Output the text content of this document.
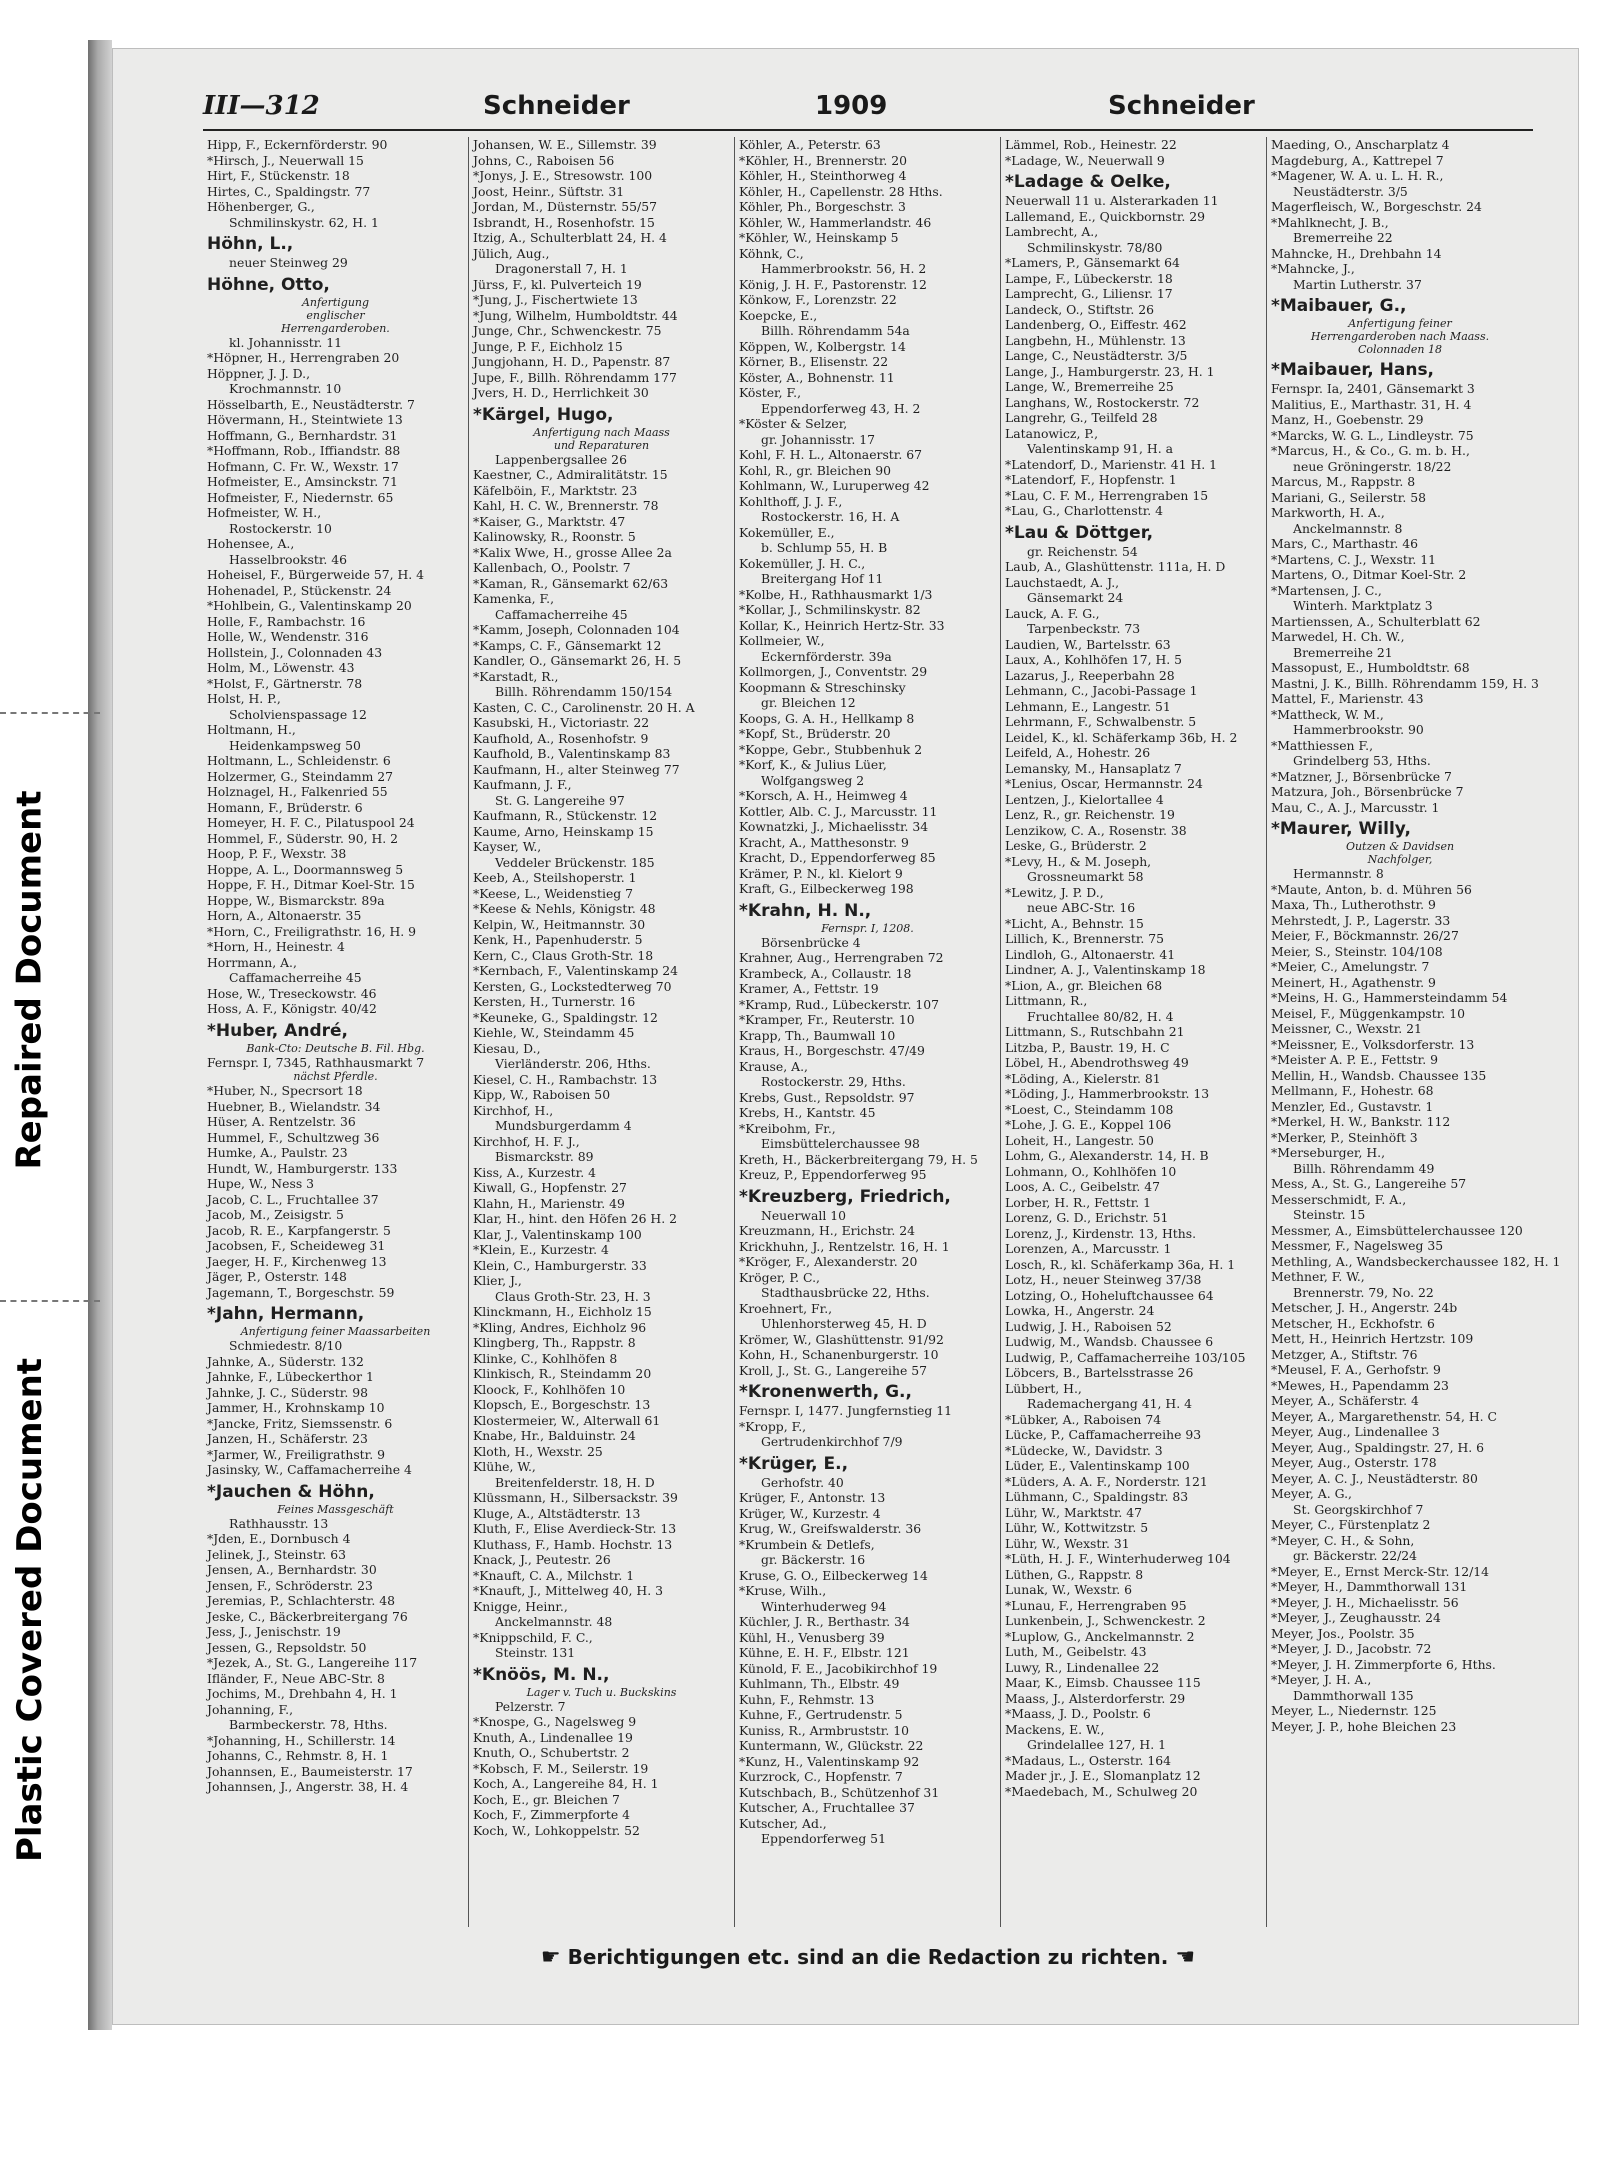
Repaired Document
Plastic Covered Document
III—312	Schneider	1909	Schneider
Hipp, F., Eckernförderstr. 90
*Hirsch, J., Neuerwall 15
Hirt, F., Stückenstr. 18
Hirtes, C., Spaldingstr. 77
Höhenberger, G.,
Schmilinskystr. 62, H. 1
Höhn, L.,
neuer Steinweg 29
Höhne, Otto,
Anfertigung
englischer
Herrengarderoben.
kl. Johannisstr. 11
*Höpner, H., Herrengraben 20
Höppner, J. J. D.,
Krochmannstr. 10
Hösselbarth, E., Neustädterstr. 7
Hövermann, H., Steintwiete 13
Hoffmann, G., Bernhardstr. 31
*Hoffmann, Rob., Iffiandstr. 88
Hofmann, C. Fr. W., Wexstr. 17
Hofmeister, E., Amsinckstr. 71
Hofmeister, F., Niedernstr. 65
Hofmeister, W. H.,
Rostockerstr. 10
Hohensee, A.,
Hasselbrookstr. 46
Hoheisel, F., Bürgerweide 57, H. 4
Hohenadel, P., Stückenstr. 24
*Hohlbein, G., Valentinskamp 20
Holle, F., Rambachstr. 16
Holle, W., Wendenstr. 316
Hollstein, J., Colonnaden 43
Holm, M., Löwenstr. 43
*Holst, F., Gärtnerstr. 78
Holst, H. P.,
Scholvienspassage 12
Holtmann, H.,
Heidenkampsweg 50
Holtmann, L., Schleidenstr. 6
Holzermer, G., Steindamm 27
Holznagel, H., Falkenried 55
Homann, F., Brüderstr. 6
Homeyer, H. F. C., Pilatuspool 24
Hommel, F., Süderstr. 90, H. 2
Hoop, P. F., Wexstr. 38
Hoppe, A. L., Doormannsweg 5
Hoppe, F. H., Ditmar Koel-Str. 15
Hoppe, W., Bismarckstr. 89a
Horn, A., Altonaerstr. 35
*Horn, C., Freiligrathstr. 16, H. 9
*Horn, H., Heinestr. 4
Horrmann, A.,
Caffamacherreihe 45
Hose, W., Treseckowstr. 46
Hoss, A. F., Königstr. 40/42
*Huber, André,
Bank-Cto: Deutsche B. Fil. Hbg.
Fernspr. I, 7345, Rathhausmarkt 7
nächst Pferdle.
*Huber, N., Specrsort 18
Huebner, B., Wielandstr. 34
Hüser, A. Rentzelstr. 36
Hummel, F., Schultzweg 36
Humke, A., Paulstr. 23
Hundt, W., Hamburgerstr. 133
Hupe, W., Ness 3
Jacob, C. L., Fruchtallee 37
Jacob, M., Zeisigstr. 5
Jacob, R. E., Karpfangerstr. 5
Jacobsen, F., Scheideweg 31
Jaeger, H. F., Kirchenweg 13
Jäger, P., Osterstr. 148
Jagemann, T., Borgeschstr. 59
*Jahn, Hermann,
Anfertigung feiner Maassarbeiten
Schmiedestr. 8/10
Jahnke, A., Süderstr. 132
Jahnke, F., Lübeckerthor 1
Jahnke, J. C., Süderstr. 98
Jammer, H., Krohnskamp 10
*Jancke, Fritz, Siemssenstr. 6
Janzen, H., Schäferstr. 23
*Jarmer, W., Freiligrathstr. 9
Jasinsky, W., Caffamacherreihe 4
*Jauchen & Höhn,
Feines Massgeschäft
Rathhausstr. 13
*Jden, E., Dornbusch 4
Jelinek, J., Steinstr. 63
Jensen, A., Bernhardstr. 30
Jensen, F., Schröderstr. 23
Jeremias, P., Schlachterstr. 48
Jeske, C., Bäckerbreitergang 76
Jess, J., Jenischstr. 19
Jessen, G., Repsoldstr. 50
*Jezek, A., St. G., Langereihe 117
Ifländer, F., Neue ABC-Str. 8
Jochims, M., Drehbahn 4, H. 1
Johanning, F.,
Barmbeckerstr. 78, Hths.
*Johanning, H., Schillerstr. 14
Johanns, C., Rehmstr. 8, H. 1
Johannsen, E., Baumeisterstr. 17
Johannsen, J., Angerstr. 38, H. 4
Johansen, W. E., Sillemstr. 39
Johns, C., Raboisen 56
*Jonys, J. E., Stresowstr. 100
Joost, Heinr., Süftstr. 31
Jordan, M., Düsternstr. 55/57
Isbrandt, H., Rosenhofstr. 15
Itzig, A., Schulterblatt 24, H. 4
Jülich, Aug.,
Dragonerstall 7, H. 1
Jürss, F., kl. Pulverteich 19
*Jung, J., Fischertwiete 13
*Jung, Wilhelm, Humboldtstr. 44
Junge, Chr., Schwenckestr. 75
Junge, P. F., Eichholz 15
Jungjohann, H. D., Papenstr. 87
Jupe, F., Billh. Röhrendamm 177
Jvers, H. D., Herrlichkeit 30
*Kärgel, Hugo,
Anfertigung nach Maass
und Reparaturen
Lappenbergsallee 26
Kaestner, C., Admiralitätstr. 15
Käfelböin, F., Marktstr. 23
Kahl, H. C. W., Brennerstr. 78
*Kaiser, G., Marktstr. 47
Kalinowsky, R., Roonstr. 5
*Kalix Wwe, H., grosse Allee 2a
Kallenbach, O., Poolstr. 7
*Kaman, R., Gänsemarkt 62/63
Kamenka, F.,
Caffamacherreihe 45
*Kamm, Joseph, Colonnaden 104
*Kamps, C. F., Gänsemarkt 12
Kandler, O., Gänsemarkt 26, H. 5
*Karstadt, R.,
Billh. Röhrendamm 150/154
Kasten, C. C., Carolinenstr. 20 H. A
Kasubski, H., Victoriastr. 22
Kaufhold, A., Rosenhofstr. 9
Kaufhold, B., Valentinskamp 83
Kaufmann, H., alter Steinweg 77
Kaufmann, J. F.,
St. G. Langereihe 97
Kaufmann, R., Stückenstr. 12
Kaume, Arno, Heinskamp 15
Kayser, W.,
Veddeler Brückenstr. 185
Keeb, A., Steilshoperstr. 1
*Keese, L., Weidenstieg 7
*Keese & Nehls, Königstr. 48
Kelpin, W., Heitmannstr. 30
Kenk, H., Papenhuderstr. 5
Kern, C., Claus Groth-Str. 18
*Kernbach, F., Valentinskamp 24
Kersten, G., Lockstedterweg 70
Kersten, H., Turnerstr. 16
*Keuneke, G., Spaldingstr. 12
Kiehle, W., Steindamm 45
Kiesau, D.,
Vierländerstr. 206, Hths.
Kiesel, C. H., Rambachstr. 13
Kipp, W., Raboisen 50
Kirchhof, H.,
Mundsburgerdamm 4
Kirchhof, H. F. J.,
Bismarckstr. 89
Kiss, A., Kurzestr. 4
Kiwall, G., Hopfenstr. 27
Klahn, H., Marienstr. 49
Klar, H., hint. den Höfen 26 H. 2
Klar, J., Valentinskamp 100
*Klein, E., Kurzestr. 4
Klein, C., Hamburgerstr. 33
Klier, J.,
Claus Groth-Str. 23, H. 3
Klinckmann, H., Eichholz 15
*Kling, Andres, Eichholz 96
Klingberg, Th., Rappstr. 8
Klinke, C., Kohlhöfen 8
Klinkisch, R., Steindamm 20
Kloock, F., Kohlhöfen 10
Klopsch, E., Borgeschstr. 13
Klostermeier, W., Alterwall 61
Knabe, Hr., Balduinstr. 24
Kloth, H., Wexstr. 25
Klühe, W.,
Breitenfelderstr. 18, H. D
Klüssmann, H., Silbersackstr. 39
Kluge, A., Altstädterstr. 13
Kluth, F., Elise Averdieck-Str. 13
Kluthass, F., Hamb. Hochstr. 13
Knack, J., Peutestr. 26
*Knauft, C. A., Milchstr. 1
*Knauft, J., Mittelweg 40, H. 3
Knigge, Heinr.,
Anckelmannstr. 48
*Knippschild, F. C.,
Steinstr. 131
*Knöös, M. N.,
Lager v. Tuch u. Buckskins
Pelzerstr. 7
*Knospe, G., Nagelsweg 9
Knuth, A., Lindenallee 19
Knuth, O., Schubertstr. 2
*Kobsch, F. M., Seilerstr. 19
Koch, A., Langereihe 84, H. 1
Koch, E., gr. Bleichen 7
Koch, F., Zimmerpforte 4
Koch, W., Lohkoppelstr. 52
Köhler, A., Peterstr. 63
*Köhler, H., Brennerstr. 20
Köhler, H., Steinthorweg 4
Köhler, H., Capellenstr. 28 Hths.
Köhler, Ph., Borgeschstr. 3
Köhler, W., Hammerlandstr. 46
*Köhler, W., Heinskamp 5
Köhnk, C.,
Hammerbrookstr. 56, H. 2
König, J. H. F., Pastorenstr. 12
Könkow, F., Lorenzstr. 22
Koepcke, E.,
Billh. Röhrendamm 54a
Köppen, W., Kolbergstr. 14
Körner, B., Elisenstr. 22
Köster, A., Bohnenstr. 11
Köster, F.,
Eppendorferweg 43, H. 2
*Köster & Selzer,
gr. Johannisstr. 17
Kohl, F. H. L., Altonaerstr. 67
Kohl, R., gr. Bleichen 90
Kohlmann, W., Luruperweg 42
Kohlthoff, J. J. F.,
Rostockerstr. 16, H. A
Kokemüller, E.,
b. Schlump 55, H. B
Kokemüller, J. H. C.,
Breitergang Hof 11
*Kolbe, H., Rathhausmarkt 1/3
*Kollar, J., Schmilinskystr. 82
Kollar, K., Heinrich Hertz-Str. 33
Kollmeier, W.,
Eckernförderstr. 39a
Kollmorgen, J., Conventstr. 29
Koopmann & Streschinsky
gr. Bleichen 12
Koops, G. A. H., Hellkamp 8
*Kopf, St., Brüderstr. 20
*Koppe, Gebr., Stubbenhuk 2
*Korf, K., & Julius Lüer,
Wolfgangsweg 2
*Korsch, A. H., Heimweg 4
Kottler, Alb. C. J., Marcusstr. 11
Kownatzki, J., Michaelisstr. 34
Kracht, A., Matthesonstr. 9
Kracht, D., Eppendorferweg 85
Krämer, P. N., kl. Kielort 9
Kraft, G., Eilbeckerweg 198
*Krahn, H. N.,
Fernspr. I, 1208.
Börsenbrücke 4
Krahner, Aug., Herrengraben 72
Krambeck, A., Collaustr. 18
Kramer, A., Fettstr. 19
*Kramp, Rud., Lübeckerstr. 107
*Kramper, Fr., Reuterstr. 10
Krapp, Th., Baumwall 10
Kraus, H., Borgeschstr. 47/49
Krause, A.,
Rostockerstr. 29, Hths.
Krebs, Gust., Repsoldstr. 97
Krebs, H., Kantstr. 45
*Kreibohm, Fr.,
Eimsbüttelerchaussee 98
Kreth, H., Bäckerbreitergang 79, H. 5
Kreuz, P., Eppendorferweg 95
*Kreuzberg, Friedrich,
Neuerwall 10
Kreuzmann, H., Erichstr. 24
Krickhuhn, J., Rentzelstr. 16, H. 1
*Kröger, F., Alexanderstr. 20
Kröger, P. C.,
Stadthausbrücke 22, Hths.
Kroehnert, Fr.,
Uhlenhorsterweg 45, H. D
Krömer, W., Glashüttenstr. 91/92
Kohn, H., Schanenburgerstr. 10
Kroll, J., St. G., Langereihe 57
*Kronenwerth, G.,
Fernspr. I, 1477. Jungfernstieg 11
*Kropp, F.,
Gertrudenkirchhof 7/9
*Krüger, E.,
Gerhofstr. 40
Krüger, F., Antonstr. 13
Krüger, W., Kurzestr. 4
Krug, W., Greifswalderstr. 36
*Krumbein & Detlefs,
gr. Bäckerstr. 16
Kruse, G. O., Eilbeckerweg 14
*Kruse, Wilh.,
Winterhuderweg 94
Küchler, J. R., Berthastr. 34
Kühl, H., Venusberg 39
Kühne, E. H. F., Elbstr. 121
Künold, F. E., Jacobikirchhof 19
Kuhlmann, Th., Elbstr. 49
Kuhn, F., Rehmstr. 13
Kuhne, F., Gertrudenstr. 5
Kuniss, R., Armbruststr. 10
Kuntermann, W., Glückstr. 22
*Kunz, H., Valentinskamp 92
Kurzrock, C., Hopfenstr. 7
Kutschbach, B., Schützenhof 31
Kutscher, A., Fruchtallee 37
Kutscher, Ad.,
Eppendorferweg 51
Lämmel, Rob., Heinestr. 22
*Ladage, W., Neuerwall 9
*Ladage & Oelke,
Neuerwall 11 u. Alsterarkaden 11
Lallemand, E., Quickbornstr. 29
Lambrecht, A.,
Schmilinskystr. 78/80
*Lamers, P., Gänsemarkt 64
Lampe, F., Lübeckerstr. 18
Lamprecht, G., Liliensr. 17
Landeck, O., Stiftstr. 26
Landenberg, O., Eiffestr. 462
Langbehn, H., Mühlenstr. 13
Lange, C., Neustädterstr. 3/5
Lange, J., Hamburgerstr. 23, H. 1
Lange, W., Bremerreihe 25
Langhans, W., Rostockerstr. 72
Langrehr, G., Teilfeld 28
Latanowicz, P.,
Valentinskamp 91, H. a
*Latendorf, D., Marienstr. 41 H. 1
*Latendorf, F., Hopfenstr. 1
*Lau, C. F. M., Herrengraben 15
*Lau, G., Charlottenstr. 4
*Lau & Döttger,
gr. Reichenstr. 54
Laub, A., Glashüttenstr. 111a, H. D
Lauchstaedt, A. J.,
Gänsemarkt 24
Lauck, A. F. G.,
Tarpenbeckstr. 73
Laudien, W., Bartelsstr. 63
Laux, A., Kohlhöfen 17, H. 5
Lazarus, J., Reeperbahn 28
Lehmann, C., Jacobi-Passage 1
Lehmann, E., Langestr. 51
Lehrmann, F., Schwalbenstr. 5
Leidel, K., kl. Schäferkamp 36b, H. 2
Leifeld, A., Hohestr. 26
Lemansky, M., Hansaplatz 7
*Lenius, Oscar, Hermannstr. 24
Lentzen, J., Kielortallee 4
Lenz, R., gr. Reichenstr. 19
Lenzikow, C. A., Rosenstr. 38
Leske, G., Brüderstr. 2
*Levy, H., & M. Joseph,
Grossneumarkt 58
*Lewitz, J. P. D.,
neue ABC-Str. 16
*Licht, A., Behnstr. 15
Lillich, K., Brennerstr. 75
Lindloh, G., Altonaerstr. 41
Lindner, A. J., Valentinskamp 18
*Lion, A., gr. Bleichen 68
Littmann, R.,
Fruchtallee 80/82, H. 4
Littmann, S., Rutschbahn 21
Litzba, P., Baustr. 19, H. C
Löbel, H., Abendrothsweg 49
*Löding, A., Kielerstr. 81
*Löding, J., Hammerbrookstr. 13
*Loest, C., Steindamm 108
*Lohe, J. G. E., Koppel 106
Loheit, H., Langestr. 50
Lohm, G., Alexanderstr. 14, H. B
Lohmann, O., Kohlhöfen 10
Loos, A. C., Geibelstr. 47
Lorber, H. R., Fettstr. 1
Lorenz, G. D., Erichstr. 51
Lorenz, J., Kirdenstr. 13, Hths.
Lorenzen, A., Marcusstr. 1
Losch, R., kl. Schäferkamp 36a, H. 1
Lotz, H., neuer Steinweg 37/38
Lotzing, O., Hoheluftchaussee 64
Lowka, H., Angerstr. 24
Ludwig, J. H., Raboisen 52
Ludwig, M., Wandsb. Chaussee 6
Ludwig, P., Caffamacherreihe 103/105
Löbcers, B., Bartelsstrasse 26
Lübbert, H.,
Rademachergang 41, H. 4
*Lübker, A., Raboisen 74
Lücke, P., Caffamacherreihe 93
*Lüdecke, W., Davidstr. 3
Lüder, E., Valentinskamp 100
*Lüders, A. A. F., Norderstr. 121
Lühmann, C., Spaldingstr. 83
Lühr, W., Marktstr. 47
Lühr, W., Kottwitzstr. 5
Lühr, W., Wexstr. 31
*Lüth, H. J. F., Winterhuderweg 104
Lüthen, G., Rappstr. 8
Lunak, W., Wexstr. 6
*Lunau, F., Herrengraben 95
Lunkenbein, J., Schwenckestr. 2
*Luplow, G., Anckelmannstr. 2
Luth, M., Geibelstr. 43
Luwy, R., Lindenallee 22
Maar, K., Eimsb. Chaussee 115
Maass, J., Alsterdorferstr. 29
*Maass, J. D., Poolstr. 6
Mackens, E. W.,
Grindelallee 127, H. 1
*Madaus, L., Osterstr. 164
Mader jr., J. E., Slomanplatz 12
*Maedebach, M., Schulweg 20
Maeding, O., Anscharplatz 4
Magdeburg, A., Kattrepel 7
*Magener, W. A. u. L. H. R.,
Neustädterstr. 3/5
Magerfleisch, W., Borgeschstr. 24
*Mahlknecht, J. B.,
Bremerreihe 22
Mahncke, H., Drehbahn 14
*Mahncke, J.,
Martin Lutherstr. 37
*Maibauer, G.,
Anfertigung feiner
Herrengarderoben nach Maass.
Colonnaden 18
*Maibauer, Hans,
Fernspr. Ia, 2401, Gänsemarkt 3
Malitius, E., Marthastr. 31, H. 4
Manz, H., Goebenstr. 29
*Marcks, W. G. L., Lindleystr. 75
*Marcus, H., & Co., G. m. b. H.,
neue Gröningerstr. 18/22
Marcus, M., Rappstr. 8
Mariani, G., Seilerstr. 58
Markworth, H. A.,
Anckelmannstr. 8
Mars, C., Marthastr. 46
*Martens, C. J., Wexstr. 11
Martens, O., Ditmar Koel-Str. 2
*Martensen, J. C.,
Winterh. Marktplatz 3
Martienssen, A., Schulterblatt 62
Marwedel, H. Ch. W.,
Bremerreihe 21
Massopust, E., Humboldtstr. 68
Mastni, J. K., Billh. Röhrendamm 159, H. 3
Mattel, F., Marienstr. 43
*Mattheck, W. M.,
Hammerbrookstr. 90
*Matthiessen F.,
Grindelberg 53, Hths.
*Matzner, J., Börsenbrücke 7
Matzura, Joh., Börsenbrücke 7
Mau, C., A. J., Marcusstr. 1
*Maurer, Willy,
Outzen & Davidsen
Nachfolger,
Hermannstr. 8
*Maute, Anton, b. d. Mühren 56
Maxa, Th., Lutherothstr. 9
Mehrstedt, J. P., Lagerstr. 33
Meier, F., Böckmannstr. 26/27
Meier, S., Steinstr. 104/108
*Meier, C., Amelungstr. 7
Meinert, H., Agathenstr. 9
*Meins, H. G., Hammersteindamm 54
Meisel, F., Müggenkampstr. 10
Meissner, C., Wexstr. 21
*Meissner, E., Volksdorferstr. 13
*Meister A. P. E., Fettstr. 9
Mellin, H., Wandsb. Chaussee 135
Mellmann, F., Hohestr. 68
Menzler, Ed., Gustavstr. 1
*Merkel, H. W., Bankstr. 112
*Merker, P., Steinhöft 3
*Merseburger, H.,
Billh. Röhrendamm 49
Mess, A., St. G., Langereihe 57
Messerschmidt, F. A.,
Steinstr. 15
Messmer, A., Eimsbüttelerchaussee 120
Messmer, F., Nagelsweg 35
Methling, A., Wandsbeckerchaussee 182, H. 1
Methner, F. W.,
Brennerstr. 79, No. 22
Metscher, J. H., Angerstr. 24b
Metscher, H., Eckhofstr. 6
Mett, H., Heinrich Hertzstr. 109
Metzger, A., Stiftstr. 76
*Meusel, F. A., Gerhofstr. 9
*Mewes, H., Papendamm 23
Meyer, A., Schäferstr. 4
Meyer, A., Margarethenstr. 54, H. C
Meyer, Aug., Lindenallee 3
Meyer, Aug., Spaldingstr. 27, H. 6
Meyer, Aug., Osterstr. 178
Meyer, A. C. J., Neustädterstr. 80
Meyer, A. G.,
St. Georgskirchhof 7
Meyer, C., Fürstenplatz 2
*Meyer, C. H., & Sohn,
gr. Bäckerstr. 22/24
*Meyer, E., Ernst Merck-Str. 12/14
*Meyer, H., Dammthorwall 131
*Meyer, J. H., Michaelisstr. 56
*Meyer, J., Zeughausstr. 24
Meyer, Jos., Poolstr. 35
*Meyer, J. D., Jacobstr. 72
*Meyer, J. H. Zimmerpforte 6, Hths.
*Meyer, J. H. A.,
Dammthorwall 135
Meyer, L., Niedernstr. 125
Meyer, J. P., hohe Bleichen 23
☛ Berichtigungen etc. sind an die Redaction zu richten. ☚
